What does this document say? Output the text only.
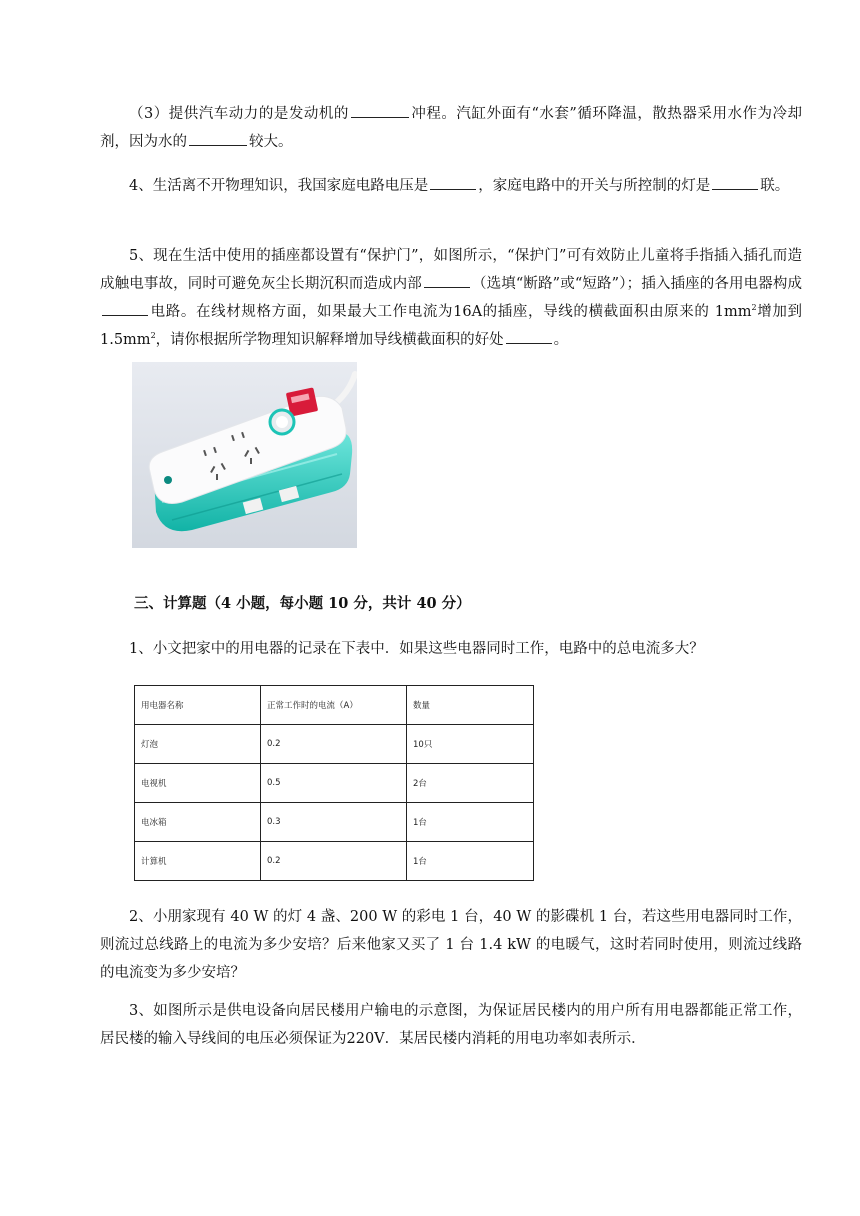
（3）提供汽车动力的是发动机的	冲程。汽缸外面有“水套”循环降温，散热器采用水作为冷却剂，因为水的	较大。

4、生活离不开物理知识，我国家庭电路电压是	，家庭电路中的开关与所控制的灯是	联。

5、现在生活中使用的插座都设置有“保护门”，如图所示，“保护门”可有效防止儿童将手指插入插孔而造成触电事故，同时可避免灰尘长期沉积而造成内部	（选填“断路”或“短路”）；插入插座的各用电器构成电路。在线材规格方面，如果最大工作电流为16A的插座，导线的横截面积由原来的 $1mm^2$增加到 $1.5mm^2$，请你根据所学物理知识解释增加导线横截面积的好处	。

三、计算题（4 小题，每小题 10 分，共计 40 分）

1、小文把家中的用电器的记录在下表中．如果这些电器同时工作，电路中的总电流多大？

用电器名称	正常工作时的电流（A）	数量
灯泡	0.2	10只
电视机	0.5	2台
电冰箱	0.3	1台
计算机	0.2	1台

2、小朋家现有 40 W 的灯 4 盏、200 W 的彩电 1 台，40 W 的影碟机 1 台，若这些用电器同时工作，则流过总线路上的电流为多少安培？后来他家又买了 1 台 1.4 kW 的电暖气，这时若同时使用，则流过线路的电流变为多少安培？

3、如图所示是供电设备向居民楼用户输电的示意图，为保证居民楼内的用户所有用电器都能正常工作，居民楼的输入导线间的电压必须保证为220V．某居民楼内消耗的用电功率如表所示．
